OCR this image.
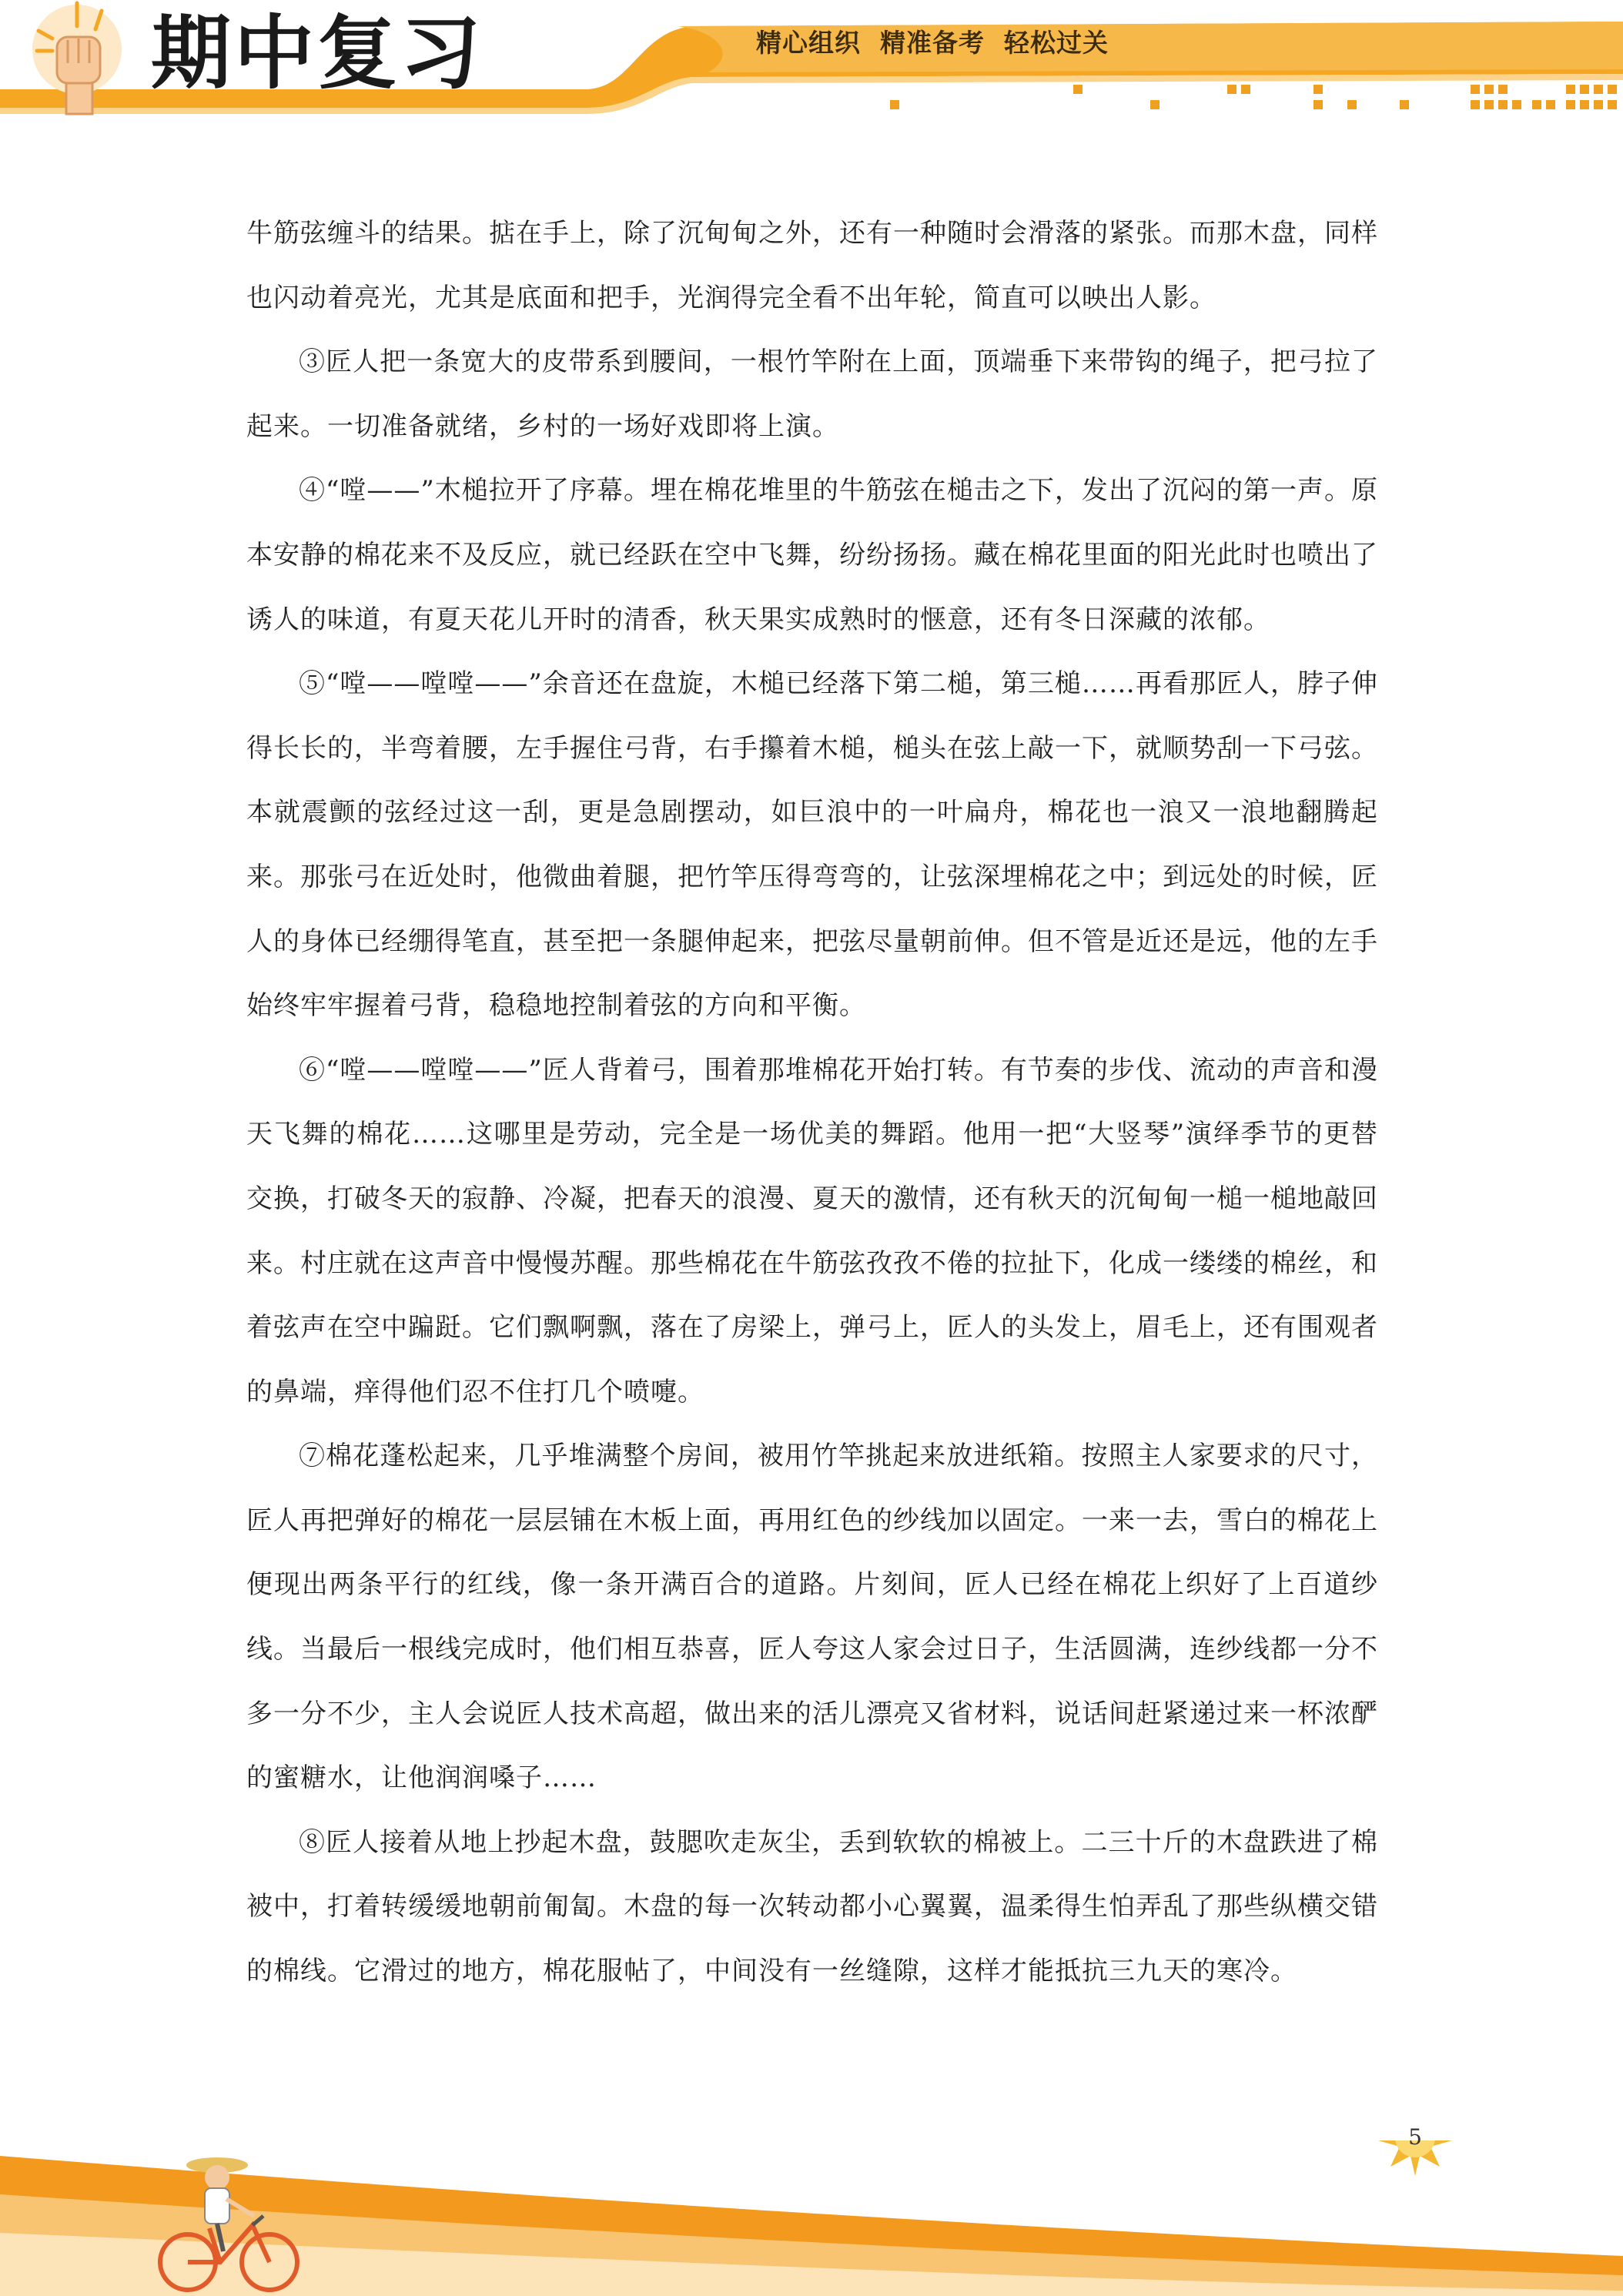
期中复习	精心组织  精准备考  轻松过关

牛筋弦缠斗的结果。掂在手上，除了沉甸甸之外，还有一种随时会滑落的紧张。而那木盘，同样也闪动着亮光，尤其是底面和把手，光润得完全看不出年轮，简直可以映出人影。

③匠人把一条宽大的皮带系到腰间，一根竹竿附在上面，顶端垂下来带钩的绳子，把弓拉了起来。一切准备就绪，乡村的一场好戏即将上演。

④“嘡——”木槌拉开了序幕。埋在棉花堆里的牛筋弦在槌击之下，发出了沉闷的第一声。原本安静的棉花来不及反应，就已经跃在空中飞舞，纷纷扬扬。藏在棉花里面的阳光此时也喷出了诱人的味道，有夏天花儿开时的清香，秋天果实成熟时的惬意，还有冬日深藏的浓郁。

⑤“嘡——嘡嘡——”余音还在盘旋，木槌已经落下第二槌，第三槌……再看那匠人，脖子伸得长长的，半弯着腰，左手握住弓背，右手攥着木槌，槌头在弦上敲一下，就顺势刮一下弓弦。本就震颤的弦经过这一刮，更是急剧摆动，如巨浪中的一叶扁舟，棉花也一浪又一浪地翻腾起来。那张弓在近处时，他微曲着腿，把竹竿压得弯弯的，让弦深埋棉花之中；到远处的时候，匠人的身体已经绷得笔直，甚至把一条腿伸起来，把弦尽量朝前伸。但不管是近还是远，他的左手始终牢牢握着弓背，稳稳地控制着弦的方向和平衡。

⑥“嘡——嘡嘡——”匠人背着弓，围着那堆棉花开始打转。有节奏的步伐、流动的声音和漫天飞舞的棉花……这哪里是劳动，完全是一场优美的舞蹈。他用一把“大竖琴”演绎季节的更替交换，打破冬天的寂静、冷凝，把春天的浪漫、夏天的激情，还有秋天的沉甸甸一槌一槌地敲回来。村庄就在这声音中慢慢苏醒。那些棉花在牛筋弦孜孜不倦的拉扯下，化成一缕缕的棉丝，和着弦声在空中蹁跹。它们飘啊飘，落在了房梁上，弹弓上，匠人的头发上，眉毛上，还有围观者的鼻端，痒得他们忍不住打几个喷嚏。

⑦棉花蓬松起来，几乎堆满整个房间，被用竹竿挑起来放进纸箱。按照主人家要求的尺寸，匠人再把弹好的棉花一层层铺在木板上面，再用红色的纱线加以固定。一来一去，雪白的棉花上便现出两条平行的红线，像一条开满百合的道路。片刻间，匠人已经在棉花上织好了上百道纱线。当最后一根线完成时，他们相互恭喜，匠人夸这人家会过日子，生活圆满，连纱线都一分不多一分不少，主人会说匠人技术高超，做出来的活儿漂亮又省材料，说话间赶紧递过来一杯浓酽的蜜糖水，让他润润嗓子……

⑧匠人接着从地上抄起木盘，鼓腮吹走灰尘，丢到软软的棉被上。二三十斤的木盘跌进了棉被中，打着转缓缓地朝前匍匐。木盘的每一次转动都小心翼翼，温柔得生怕弄乱了那些纵横交错的棉线。它滑过的地方，棉花服帖了，中间没有一丝缝隙，这样才能抵抗三九天的寒冷。

5
